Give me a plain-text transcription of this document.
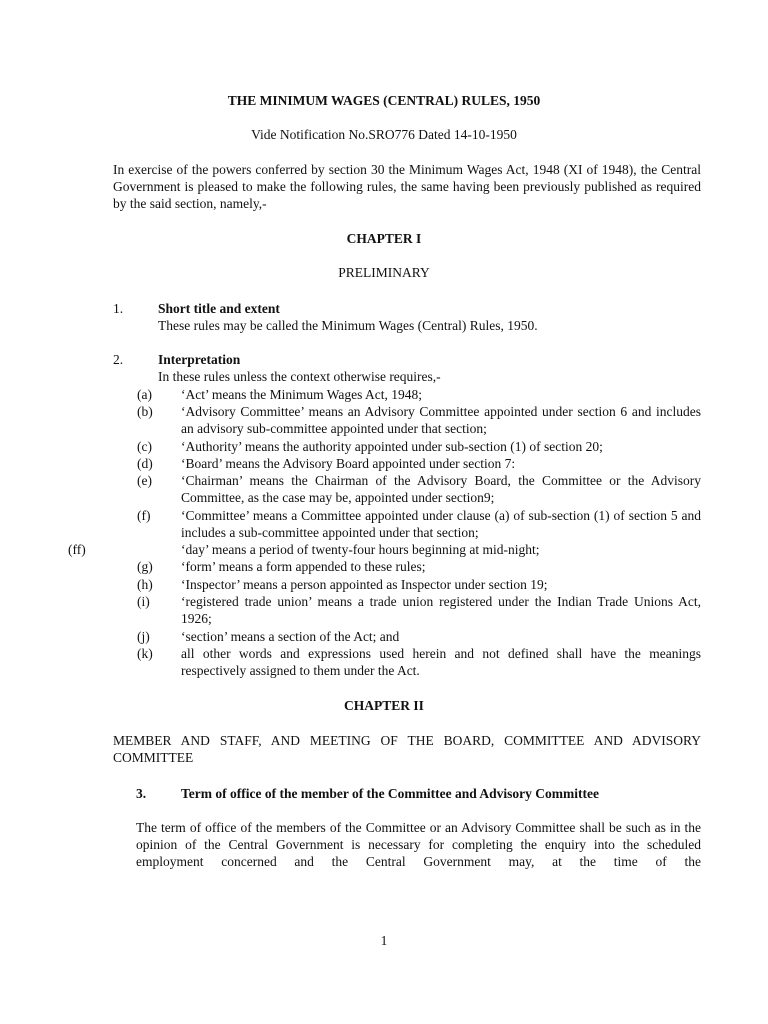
THE MINIMUM WAGES (CENTRAL) RULES, 1950
Vide Notification No.SRO776 Dated 14-10-1950
In exercise of the powers conferred by section 30 the Minimum Wages Act, 1948 (XI of 1948), the Central Government is pleased to make the following rules, the same having been previously published as required by the said section, namely,-
CHAPTER I
PRELIMINARY
1.	Short title and extent
These rules may be called the Minimum Wages (Central) Rules, 1950.
2.	Interpretation
In these rules unless the context otherwise requires,-
(a) ‘Act’ means the Minimum Wages Act, 1948;
(b) ‘Advisory Committee’ means an Advisory Committee appointed under section 6 and includes an advisory sub-committee appointed under that section;
(c) ‘Authority’ means the authority appointed under sub-section (1) of section 20;
(d) ‘Board’ means the Advisory Board appointed under section 7:
(e) ‘Chairman’ means the Chairman of the Advisory Board, the Committee or the Advisory Committee, as the case may be, appointed under section9;
(f) ‘Committee’ means a Committee appointed under clause (a) of sub-section (1) of section 5 and includes a sub-committee appointed under that section;
(ff)	‘day’ means a period of twenty-four hours beginning at mid-night;
(g) ‘form’ means a form appended to these rules;
(h) ‘Inspector’ means a person appointed as Inspector under section 19;
(i) ‘registered trade union’ means a trade union registered under the Indian Trade Unions Act, 1926;
(j) ‘section’ means a section of the Act; and
(k) all other words and expressions used herein and not defined shall have the meanings respectively assigned to them under the Act.
CHAPTER II
MEMBER AND STAFF, AND MEETING OF THE BOARD, COMMITTEE AND ADVISORY COMMITTEE
3.	Term of office of the member of the Committee and Advisory Committee
The term of office of the members of the Committee or an Advisory Committee shall be such as in the opinion of the Central Government is necessary for completing the enquiry into the scheduled employment concerned and the Central Government may, at the time of the
1
